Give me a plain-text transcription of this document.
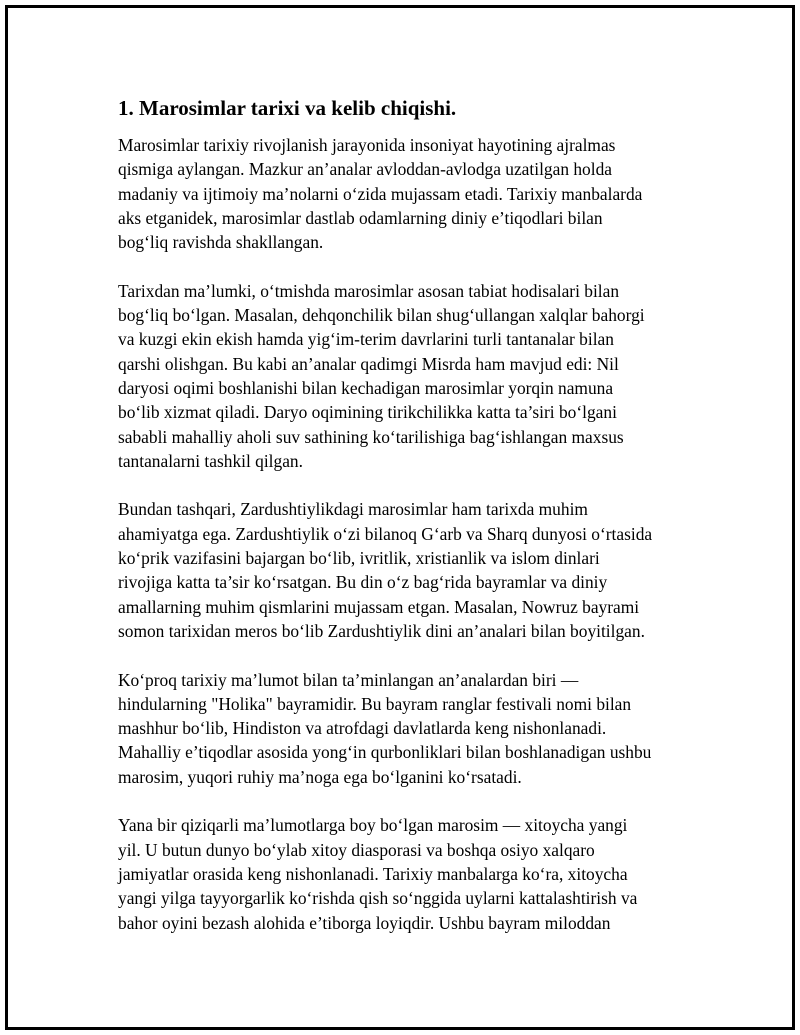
1. Marosimlar tarixi va kelib chiqishi.

Marosimlar tarixiy rivojlanish jarayonida insoniyat hayotining ajralmas
qismiga aylangan. Mazkur an’analar avloddan-avlodga uzatilgan holda
madaniy va ijtimoiy ma’nolarni o‘zida mujassam etadi. Tarixiy manbalarda
aks etganidek, marosimlar dastlab odamlarning diniy e’tiqodlari bilan
bog‘liq ravishda shakllangan.

Tarixdan ma’lumki, o‘tmishda marosimlar asosan tabiat hodisalari bilan
bog‘liq bo‘lgan. Masalan, dehqonchilik bilan shug‘ullangan xalqlar bahorgi
va kuzgi ekin ekish hamda yig‘im-terim davrlarini turli tantanalar bilan
qarshi olishgan. Bu kabi an’analar qadimgi Misrda ham mavjud edi: Nil
daryosi oqimi boshlanishi bilan kechadigan marosimlar yorqin namuna
bo‘lib xizmat qiladi. Daryo oqimining tirikchilikka katta ta’siri bo‘lgani
sababli mahalliy aholi suv sathining ko‘tarilishiga bag‘ishlangan maxsus
tantanalarni tashkil qilgan.

Bundan tashqari, Zardushtiylikdagi marosimlar ham tarixda muhim
ahamiyatga ega. Zardushtiylik o‘zi bilanoq G‘arb va Sharq dunyosi o‘rtasida
ko‘prik vazifasini bajargan bo‘lib, ivritlik, xristianlik va islom dinlari
rivojiga katta ta’sir ko‘rsatgan. Bu din o‘z bag‘rida bayramlar va diniy
amallarning muhim qismlarini mujassam etgan. Masalan, Nowruz bayrami
somon tarixidan meros bo‘lib Zardushtiylik dini an’analari bilan boyitilgan.

Ko‘proq tarixiy ma’lumot bilan ta’minlangan an’analardan biri —
hindularning "Holika" bayramidir. Bu bayram ranglar festivali nomi bilan
mashhur bo‘lib, Hindiston va atrofdagi davlatlarda keng nishonlanadi.
Mahalliy e’tiqodlar asosida yong‘in qurbonliklari bilan boshlanadigan ushbu
marosim, yuqori ruhiy ma’noga ega bo‘lganini ko‘rsatadi.

Yana bir qiziqarli ma’lumotlarga boy bo‘lgan marosim — xitoycha yangi
yil. U butun dunyo bo‘ylab xitoy diasporasi va boshqa osiyo xalqaro
jamiyatlar orasida keng nishonlanadi. Tarixiy manbalarga ko‘ra, xitoycha
yangi yilga tayyorgarlik ko‘rishda qish so‘nggida uylarni kattalashtirish va
bahor oyini bezash alohida e’tiborga loyiqdir. Ushbu bayram miloddan
